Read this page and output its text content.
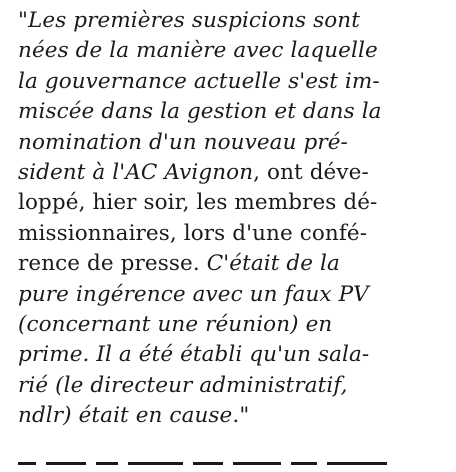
"Les premières suspicions sont
nées de la manière avec laquelle
la gouvernance actuelle s'est im-
miscée dans la gestion et dans la
nomination d'un nouveau pré-
sident à l'AC Avignon, ont déve-
loppé, hier soir, les membres dé-
missionnaires, lors d'une confé-
rence de presse. C'était de la
pure ingérence avec un faux PV
(concernant une réunion) en
prime. Il a été établi qu'un sala-
rié (le directeur administratif,
ndlr) était en cause."
